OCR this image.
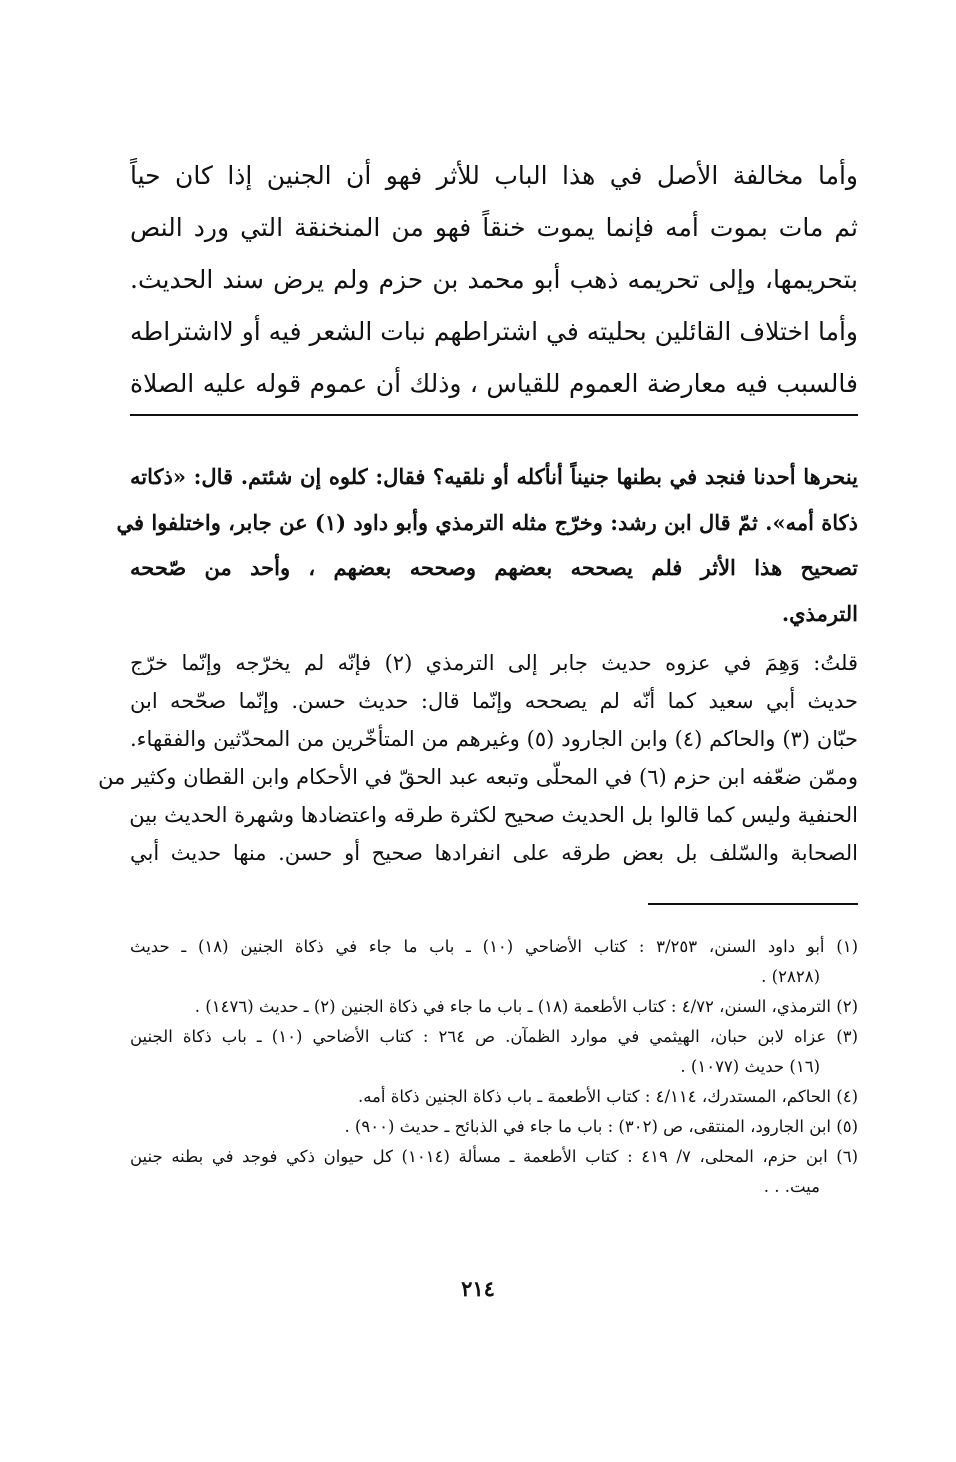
وأما مخالفة الأصل في هذا الباب للأثر فهو أن الجنين إذا كان حياً
ثم مات بموت أمه فإنما يموت خنقاً فهو من المنخنقة التي ورد النص
بتحريمها، وإلى تحريمه ذهب أبو محمد بن حزم ولم يرض سند الحديث.
وأما اختلاف القائلين بحليته في اشتراطهم نبات الشعر فيه أو لااشتراطه
فالسبب فيه معارضة العموم للقياس ، وذلك أن عموم قوله عليه الصلاة
ينحرها أحدنا فنجد في بطنها جنيناً أنأكله أو نلقيه؟ فقال: كلوه إن شئتم. قال: «ذكاته
ذكاة أمه». ثمّ قال ابن رشد: وخرّج مثله الترمذي وأبو داود (١) عن جابر، واختلفوا في
تصحيح هذا الأثر فلم يصححه بعضهم وصححه بعضهم ، وأحد من صّححه
الترمذي.
قلتُ: وَهِمَ في عزوه حديث جابر إلى الترمذي (٢) فإنّه لم يخرّجه وإنّما خرّج
حديث أبي سعيد كما أنّه لم يصححه وإنّما قال: حديث حسن. وإنّما صحّحه ابن
حبّان (٣) والحاكم (٤) وابن الجارود (٥) وغيرهم من المتأخّرين من المحدّثين والفقهاء.
وممّن ضعّفه ابن حزم (٦) في المحلّى وتبعه عبد الحقّ في الأحكام وابن القطان وكثير من
الحنفية وليس كما قالوا بل الحديث صحيح لكثرة طرقه واعتضادها وشهرة الحديث بين
الصحابة والسّلف بل بعض طرقه على انفرادها صحيح أو حسن. منها حديث أبي
(١) أبو داود السنن، ٣/٢٥٣ : كتاب الأضاحي (١٠) ـ باب ما جاء في ذكاة الجنين (١٨) ـ حديث
(٢٨٢٨) .
(٢) الترمذي، السنن، ٤/٧٢ : كتاب الأطعمة (١٨) ـ باب ما جاء في ذكاة الجنين (٢) ـ حديث (١٤٧٦) .
(٣) عزاه لابن حبان، الهيثمي في موارد الظمآن. ص ٢٦٤ : كتاب الأضاحي (١٠) ـ باب ذكاة الجنين
(١٦) حديث (١٠٧٧) .
(٤) الحاكم، المستدرك، ٤/١١٤ : كتاب الأطعمة ـ باب ذكاة الجنين ذكاة أمه.
(٥) ابن الجارود، المنتقى، ص (٣٠٢) : باب ما جاء في الذبائح ـ حديث (٩٠٠) .
(٦) ابن حزم، المحلى، ٧/ ٤١٩ : كتاب الأطعمة ـ مسألة (١٠١٤) كل حيوان ذكي فوجد في بطنه جنين
ميت. . .
٢١٤
